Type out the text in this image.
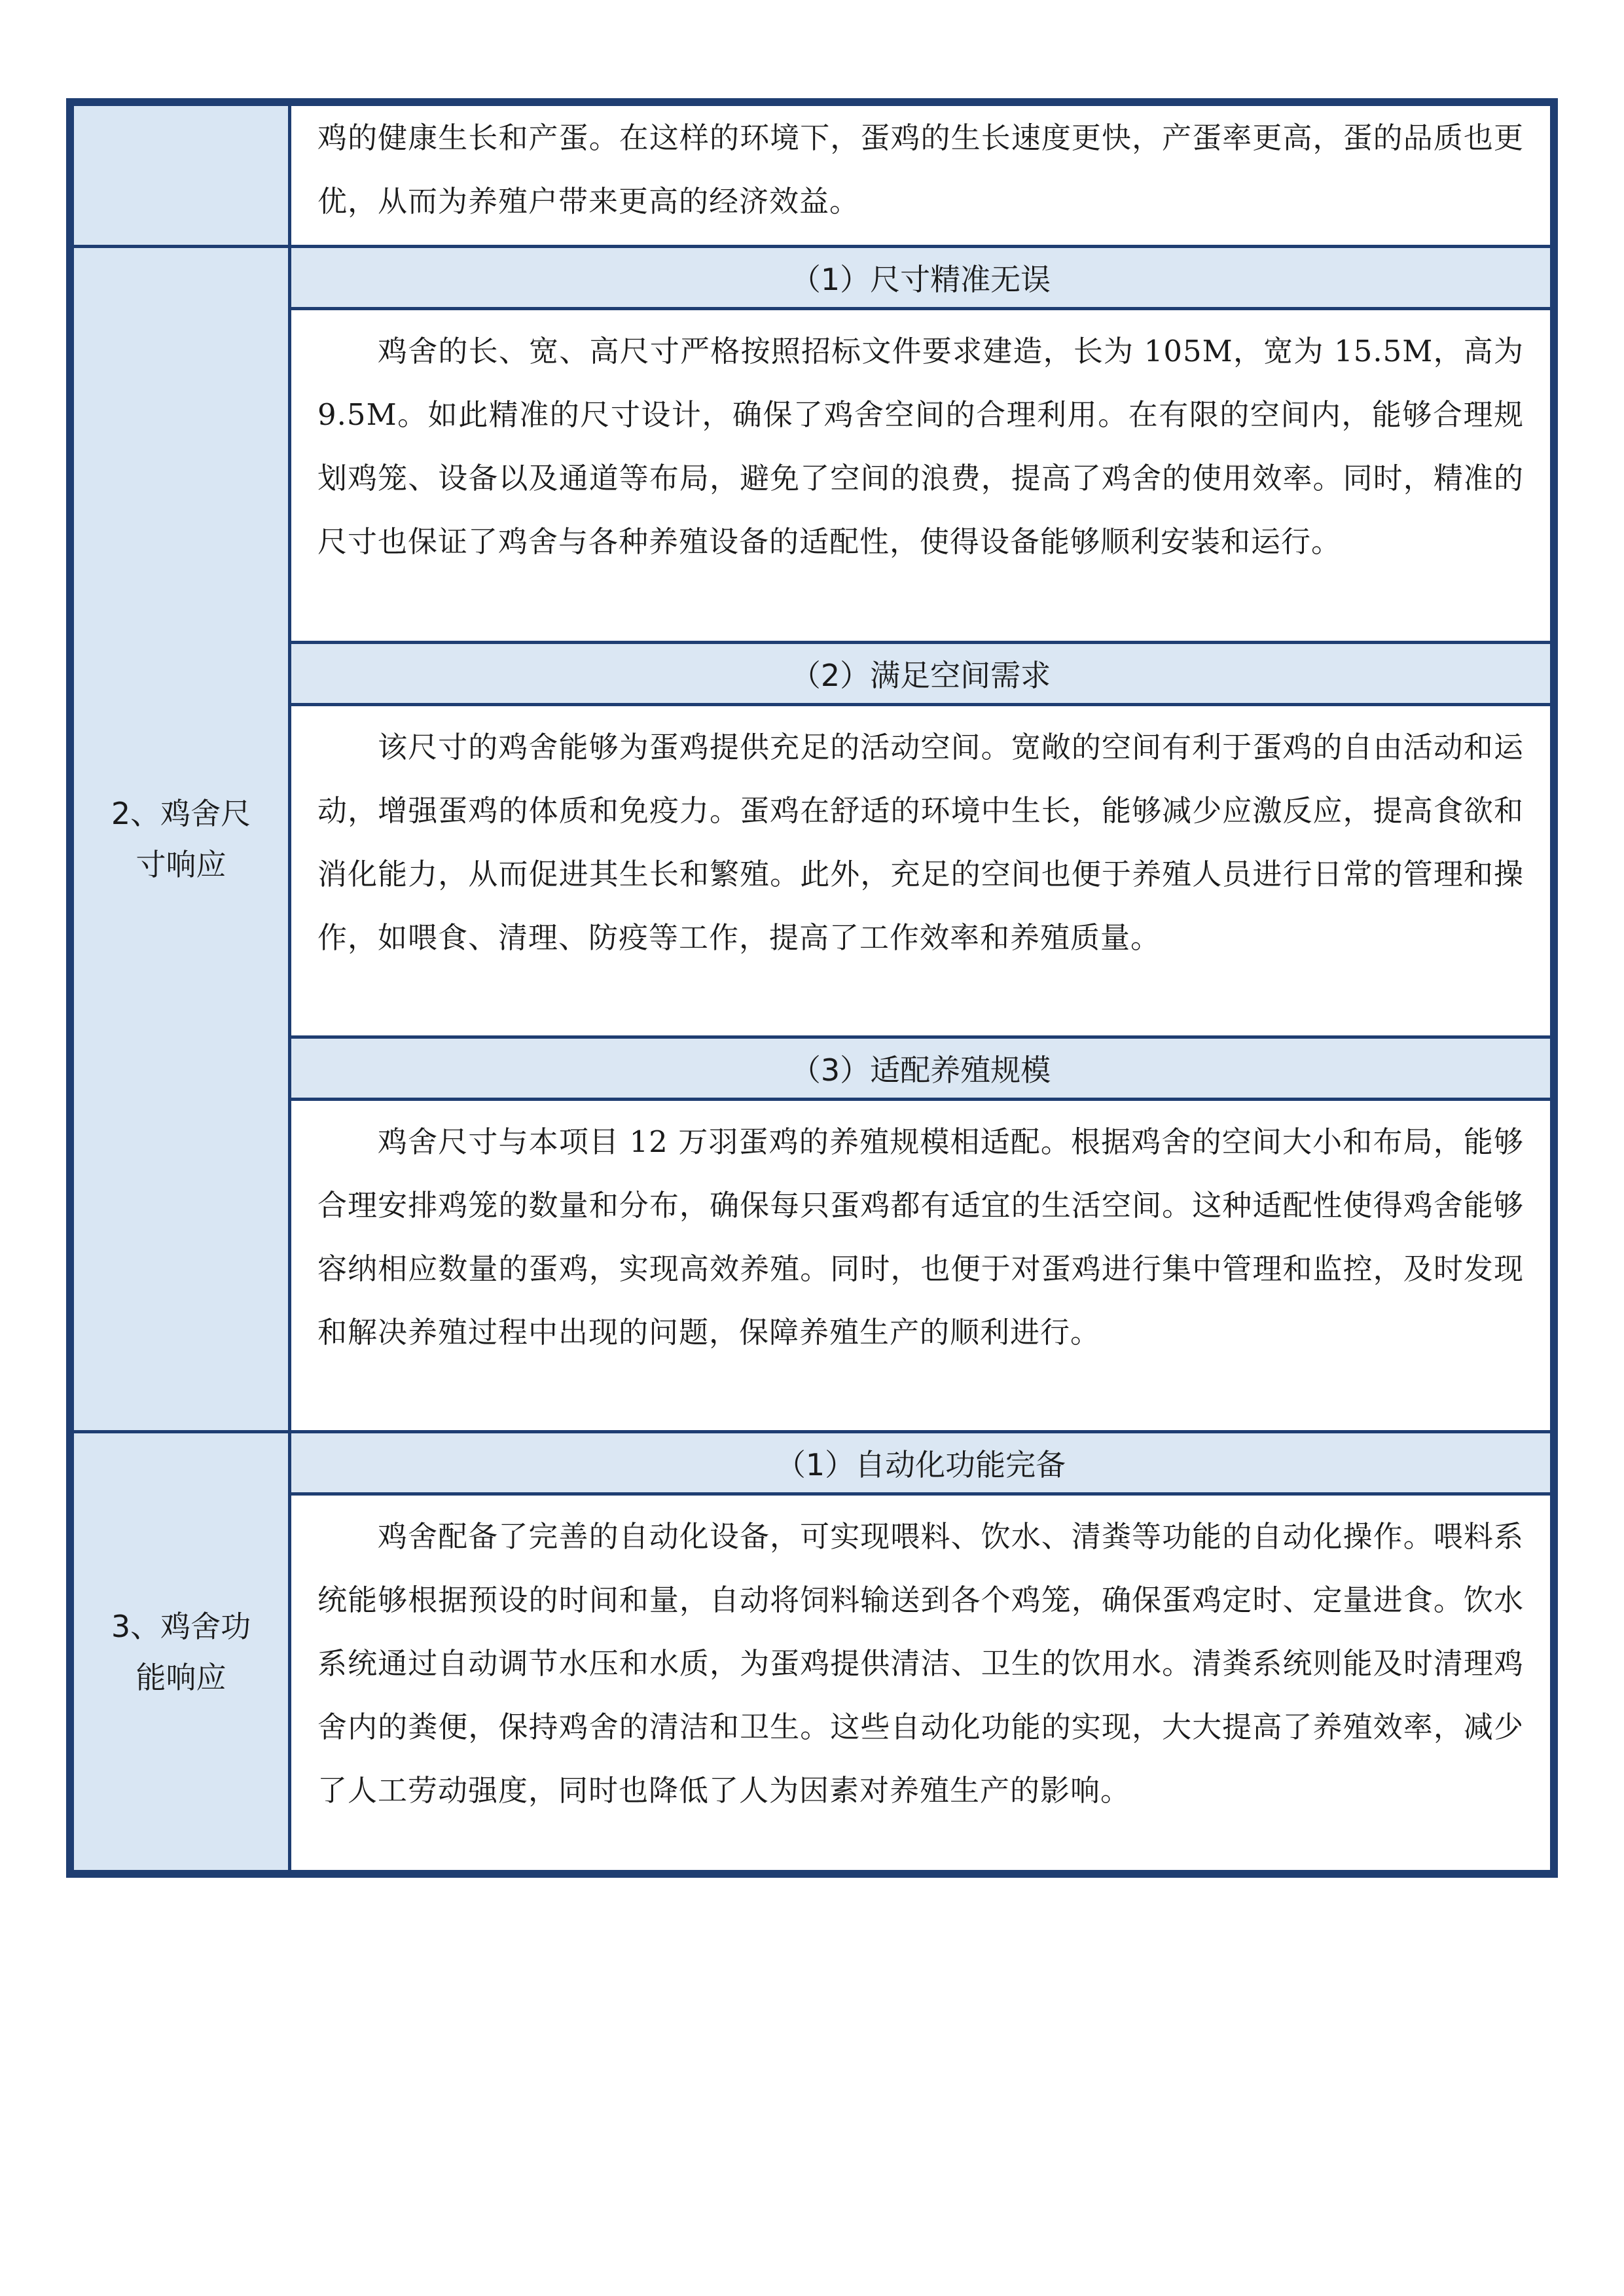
	鸡的健康生长和产蛋。在这样的环境下，蛋鸡的生长速度更快，产蛋率更高，蛋的品质也更优，从而为养殖户带来更高的经济效益。

2、鸡舍尺寸响应	（1）尺寸精准无误

	鸡舍的长、宽、高尺寸严格按照招标文件要求建造，长为 105M，宽为 15.5M，高为 9.5M。如此精准的尺寸设计，确保了鸡舍空间的合理利用。在有限的空间内，能够合理规划鸡笼、设备以及通道等布局，避免了空间的浪费，提高了鸡舍的使用效率。同时，精准的尺寸也保证了鸡舍与各种养殖设备的适配性，使得设备能够顺利安装和运行。

	（2）满足空间需求

	该尺寸的鸡舍能够为蛋鸡提供充足的活动空间。宽敞的空间有利于蛋鸡的自由活动和运动，增强蛋鸡的体质和免疫力。蛋鸡在舒适的环境中生长，能够减少应激反应，提高食欲和消化能力，从而促进其生长和繁殖。此外，充足的空间也便于养殖人员进行日常的管理和操作，如喂食、清理、防疫等工作，提高了工作效率和养殖质量。

	（3）适配养殖规模

	鸡舍尺寸与本项目 12 万羽蛋鸡的养殖规模相适配。根据鸡舍的空间大小和布局，能够合理安排鸡笼的数量和分布，确保每只蛋鸡都有适宜的生活空间。这种适配性使得鸡舍能够容纳相应数量的蛋鸡，实现高效养殖。同时，也便于对蛋鸡进行集中管理和监控，及时发现和解决养殖过程中出现的问题，保障养殖生产的顺利进行。

3、鸡舍功能响应	（1）自动化功能完备

	鸡舍配备了完善的自动化设备，可实现喂料、饮水、清粪等功能的自动化操作。喂料系统能够根据预设的时间和量，自动将饲料输送到各个鸡笼，确保蛋鸡定时、定量进食。饮水系统通过自动调节水压和水质，为蛋鸡提供清洁、卫生的饮用水。清粪系统则能及时清理鸡舍内的粪便，保持鸡舍的清洁和卫生。这些自动化功能的实现，大大提高了养殖效率，减少了人工劳动强度，同时也降低了人为因素对养殖生产的影响。
